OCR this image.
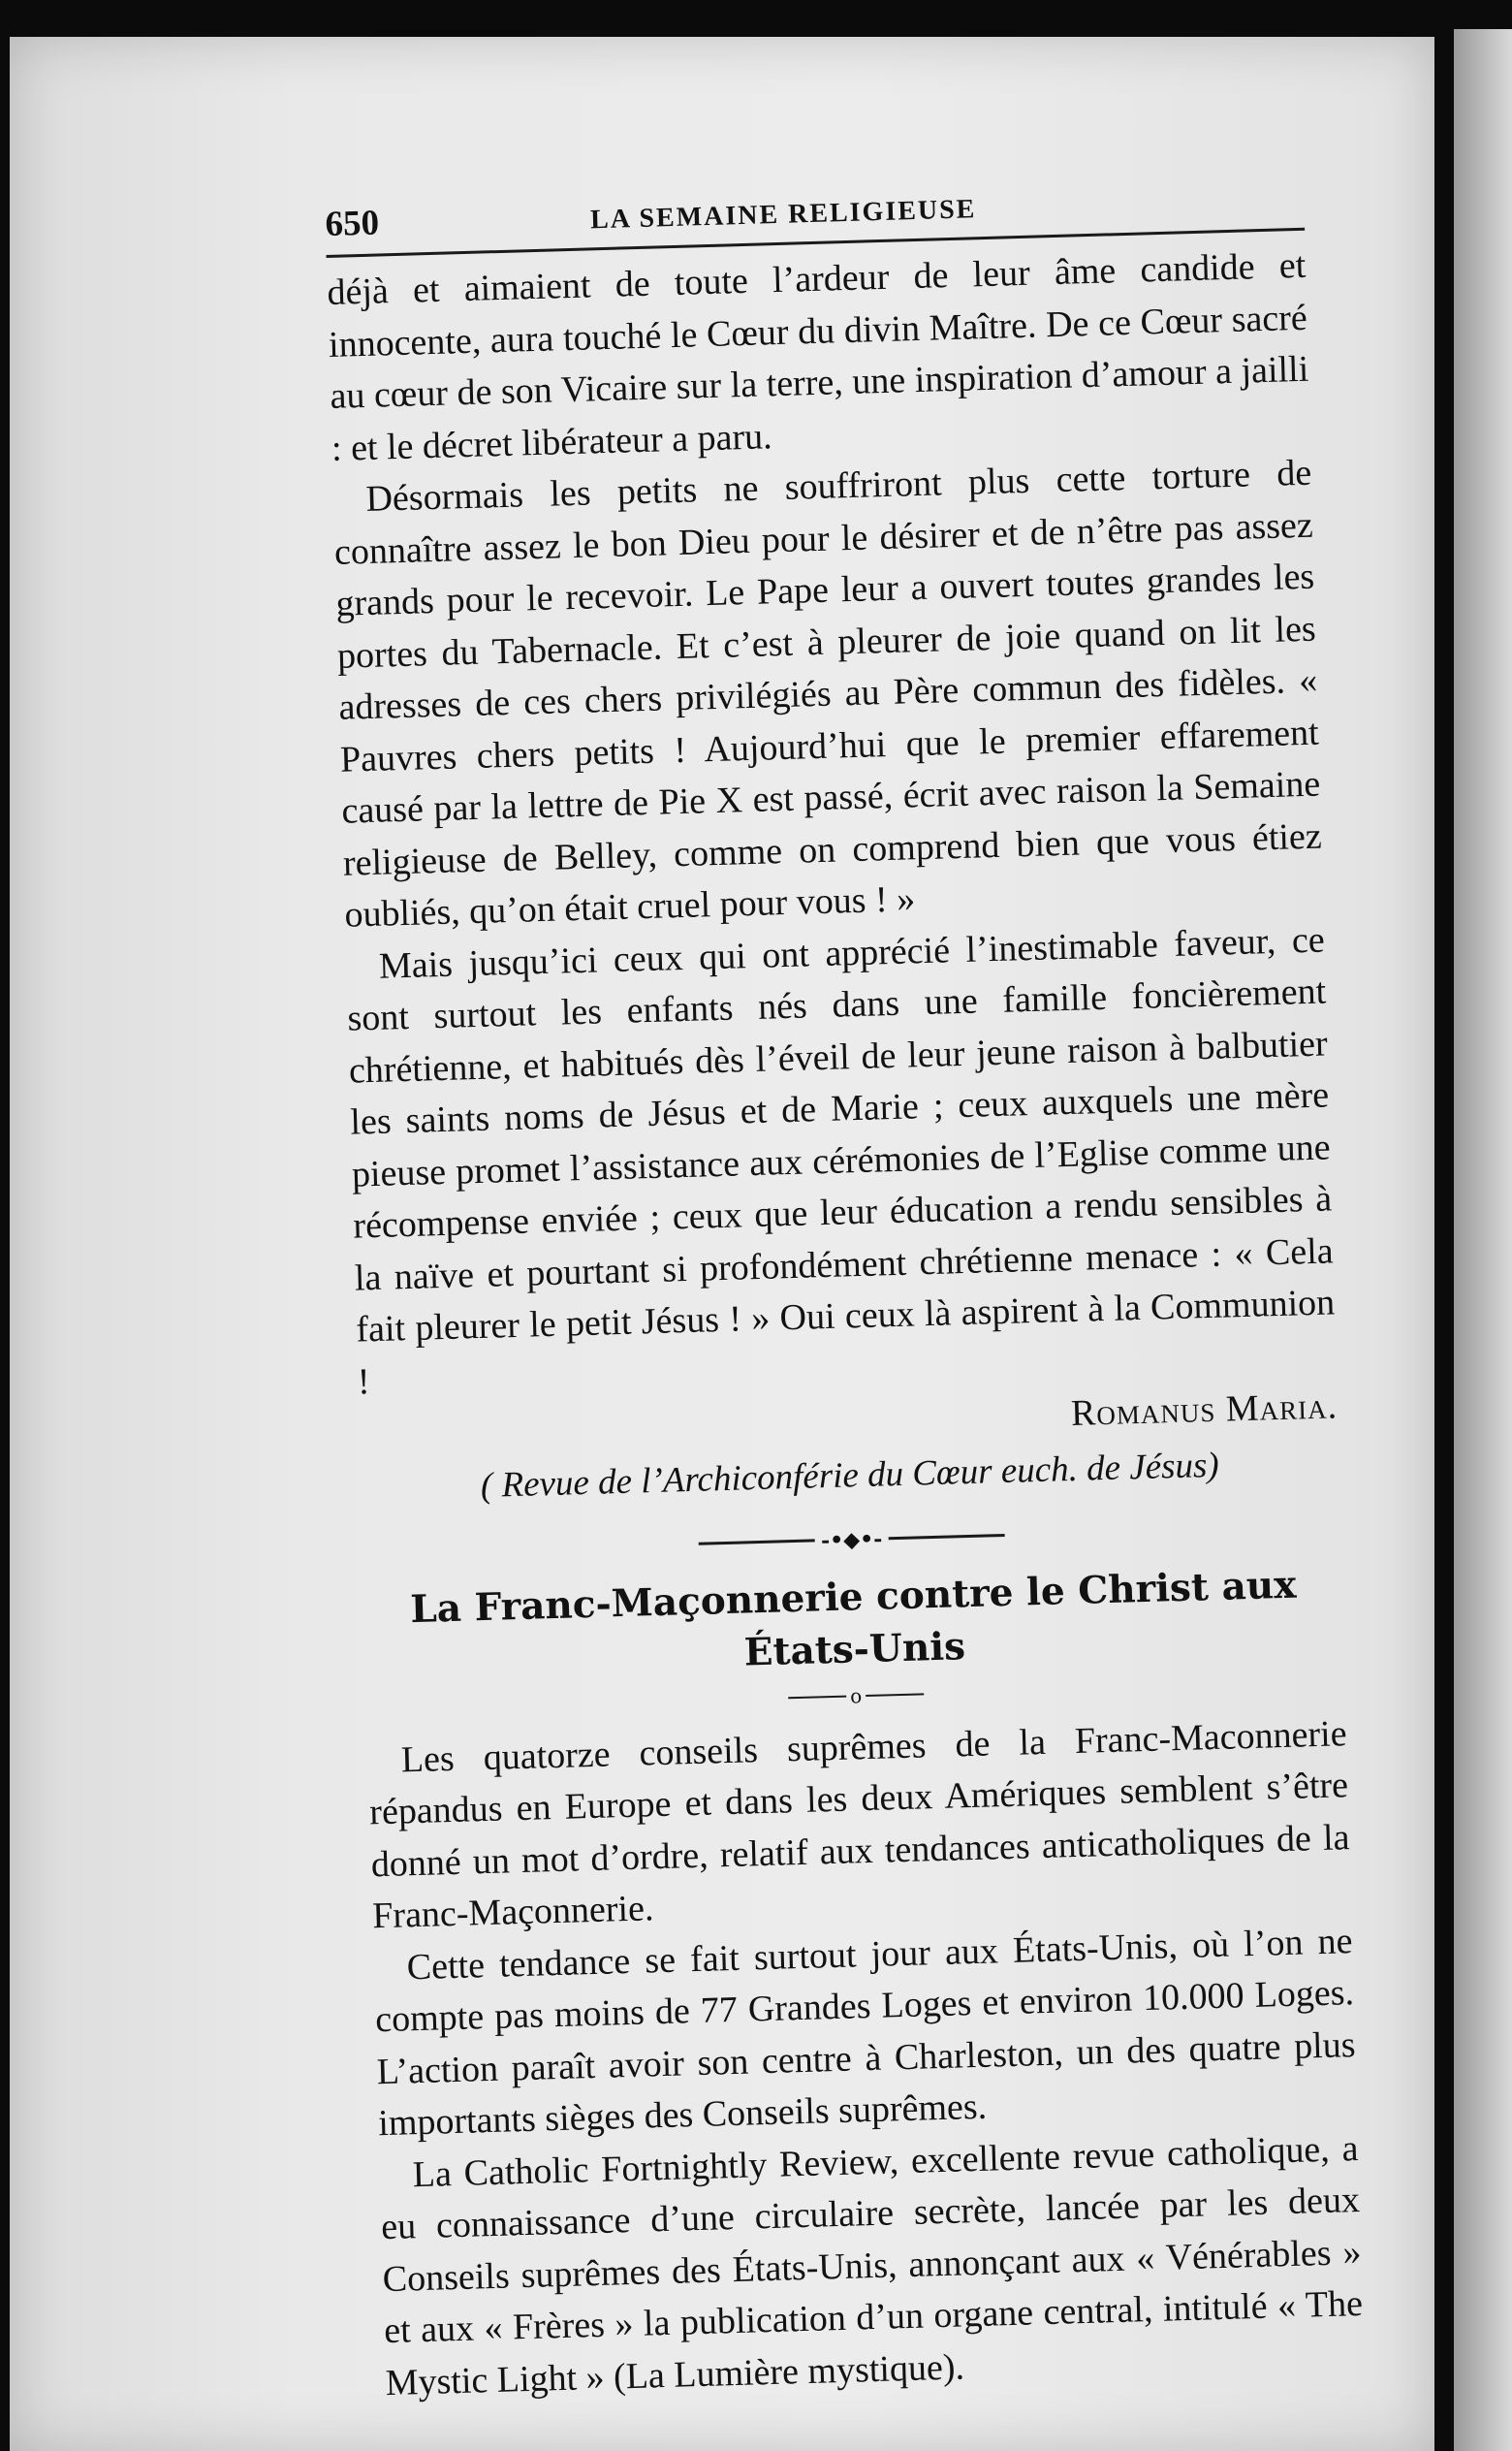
650	LA SEMAINE RELIGIEUSE

déjà et aimaient de toute l’ardeur de leur âme candide et innocente, aura touché le Cœur du divin Maître. De ce Cœur sacré au cœur de son Vicaire sur la terre, une inspiration d’amour a jailli : et le décret libérateur a paru.

Désormais les petits ne souffriront plus cette torture de connaître assez le bon Dieu pour le désirer et de n’être pas assez grands pour le recevoir. Le Pape leur a ouvert toutes grandes les portes du Tabernacle. Et c’est à pleurer de joie quand on lit les adresses de ces chers privilégiés au Père commun des fidèles. « Pauvres chers petits ! Aujourd’hui que le premier effarement causé par la lettre de Pie X est passé, écrit avec raison la Semaine religieuse de Belley, comme on comprend bien que vous étiez oubliés, qu’on était cruel pour vous ! »

Mais jusqu’ici ceux qui ont apprécié l’inestimable faveur, ce sont surtout les enfants nés dans une famille foncièrement chrétienne, et habitués dès l’éveil de leur jeune raison à balbutier les saints noms de Jésus et de Marie ; ceux auxquels une mère pieuse promet l’assistance aux cérémonies de l’Eglise comme une récompense enviée ; ceux que leur éducation a rendu sensibles à la naïve et pourtant si profondément chrétienne menace : « Cela fait pleurer le petit Jésus ! » Oui ceux là aspirent à la Communion !

Romanus Maria.

( Revue de l’Archiconférie du Cœur euch. de Jésus)

-•◆•-
La Franc-Maçonnerie contre le Christ aux États-Unis
o

Les quatorze conseils suprêmes de la Franc-Maconnerie répandus en Europe et dans les deux Amériques semblent s’être donné un mot d’ordre, relatif aux tendances anticatholiques de la Franc-Maçonnerie.

Cette tendance se fait surtout jour aux États-Unis, où l’on ne compte pas moins de 77 Grandes Loges et environ 10.000 Loges. L’action paraît avoir son centre à Charleston, un des quatre plus importants sièges des Conseils suprêmes.

La Catholic Fortnightly Review, excellente revue catholique, a eu connaissance d’une circulaire secrète, lancée par les deux Conseils suprêmes des États-Unis, annonçant aux « Vénérables » et aux « Frères » la publication d’un organe central, intitulé « The Mystic Light » (La Lumière mystique).
